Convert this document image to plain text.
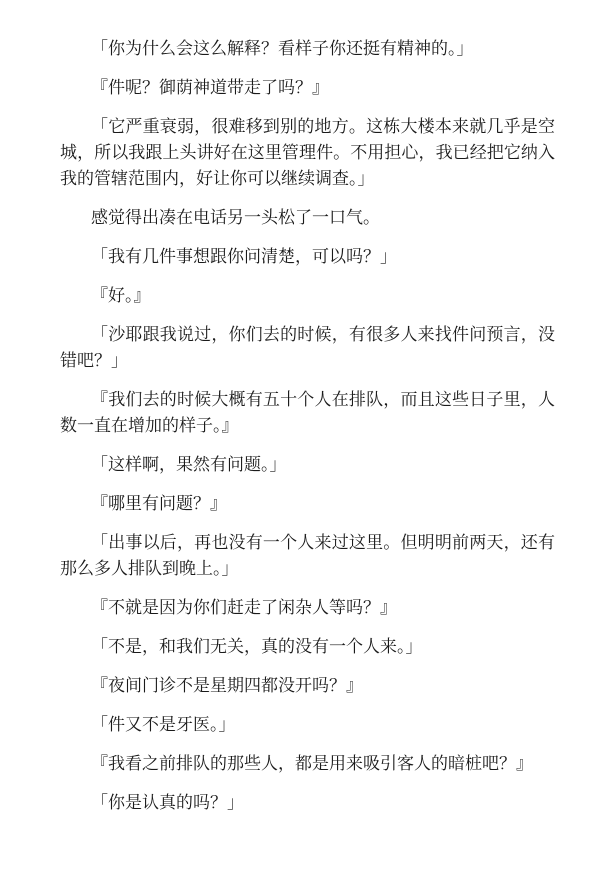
「你为什么会这么解释？看样子你还挺有精神的。」

『件呢？御荫神道带走了吗？』

「它严重衰弱，很难移到别的地方。这栋大楼本来就几乎是空城，所以我跟上头讲好在这里管理件。不用担心，我已经把它纳入我的管辖范围内，好让你可以继续调查。」

感觉得出凑在电话另一头松了一口气。

「我有几件事想跟你问清楚，可以吗？」

『好。』

「沙耶跟我说过，你们去的时候，有很多人来找件问预言，没错吧？」

『我们去的时候大概有五十个人在排队，而且这些日子里，人数一直在增加的样子。』

「这样啊，果然有问题。」

『哪里有问题？』

「出事以后，再也没有一个人来过这里。但明明前两天，还有那么多人排队到晚上。」

『不就是因为你们赶走了闲杂人等吗？』

「不是，和我们无关，真的没有一个人来。」

『夜间门诊不是星期四都没开吗？』

「件又不是牙医。」

『我看之前排队的那些人，都是用来吸引客人的暗桩吧？』

「你是认真的吗？」
